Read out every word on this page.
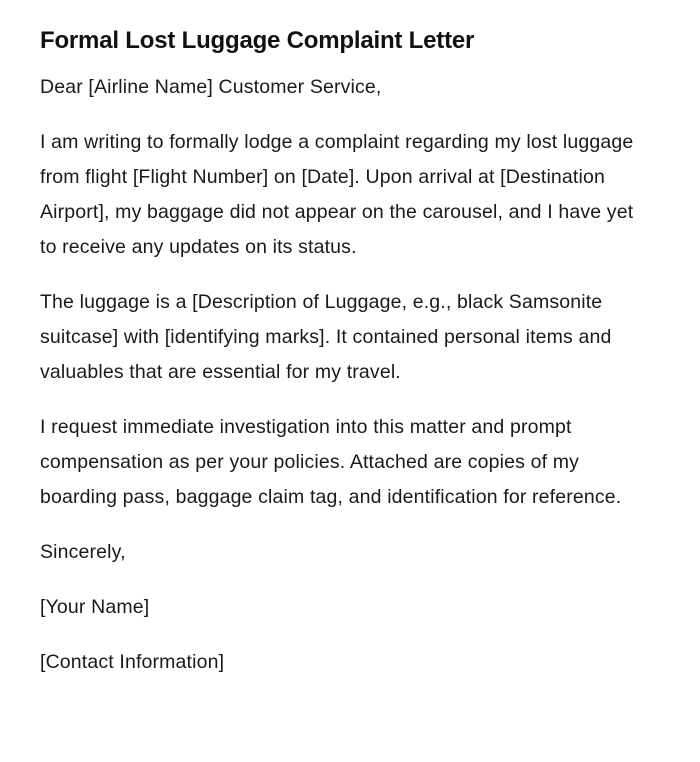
Formal Lost Luggage Complaint Letter

Dear [Airline Name] Customer Service,

I am writing to formally lodge a complaint regarding my lost luggage from flight [Flight Number] on [Date]. Upon arrival at [Destination Airport], my baggage did not appear on the carousel, and I have yet to receive any updates on its status.

The luggage is a [Description of Luggage, e.g., black Samsonite suitcase] with [identifying marks]. It contained personal items and valuables that are essential for my travel.

I request immediate investigation into this matter and prompt compensation as per your policies. Attached are copies of my boarding pass, baggage claim tag, and identification for reference.

Sincerely,

[Your Name]

[Contact Information]
